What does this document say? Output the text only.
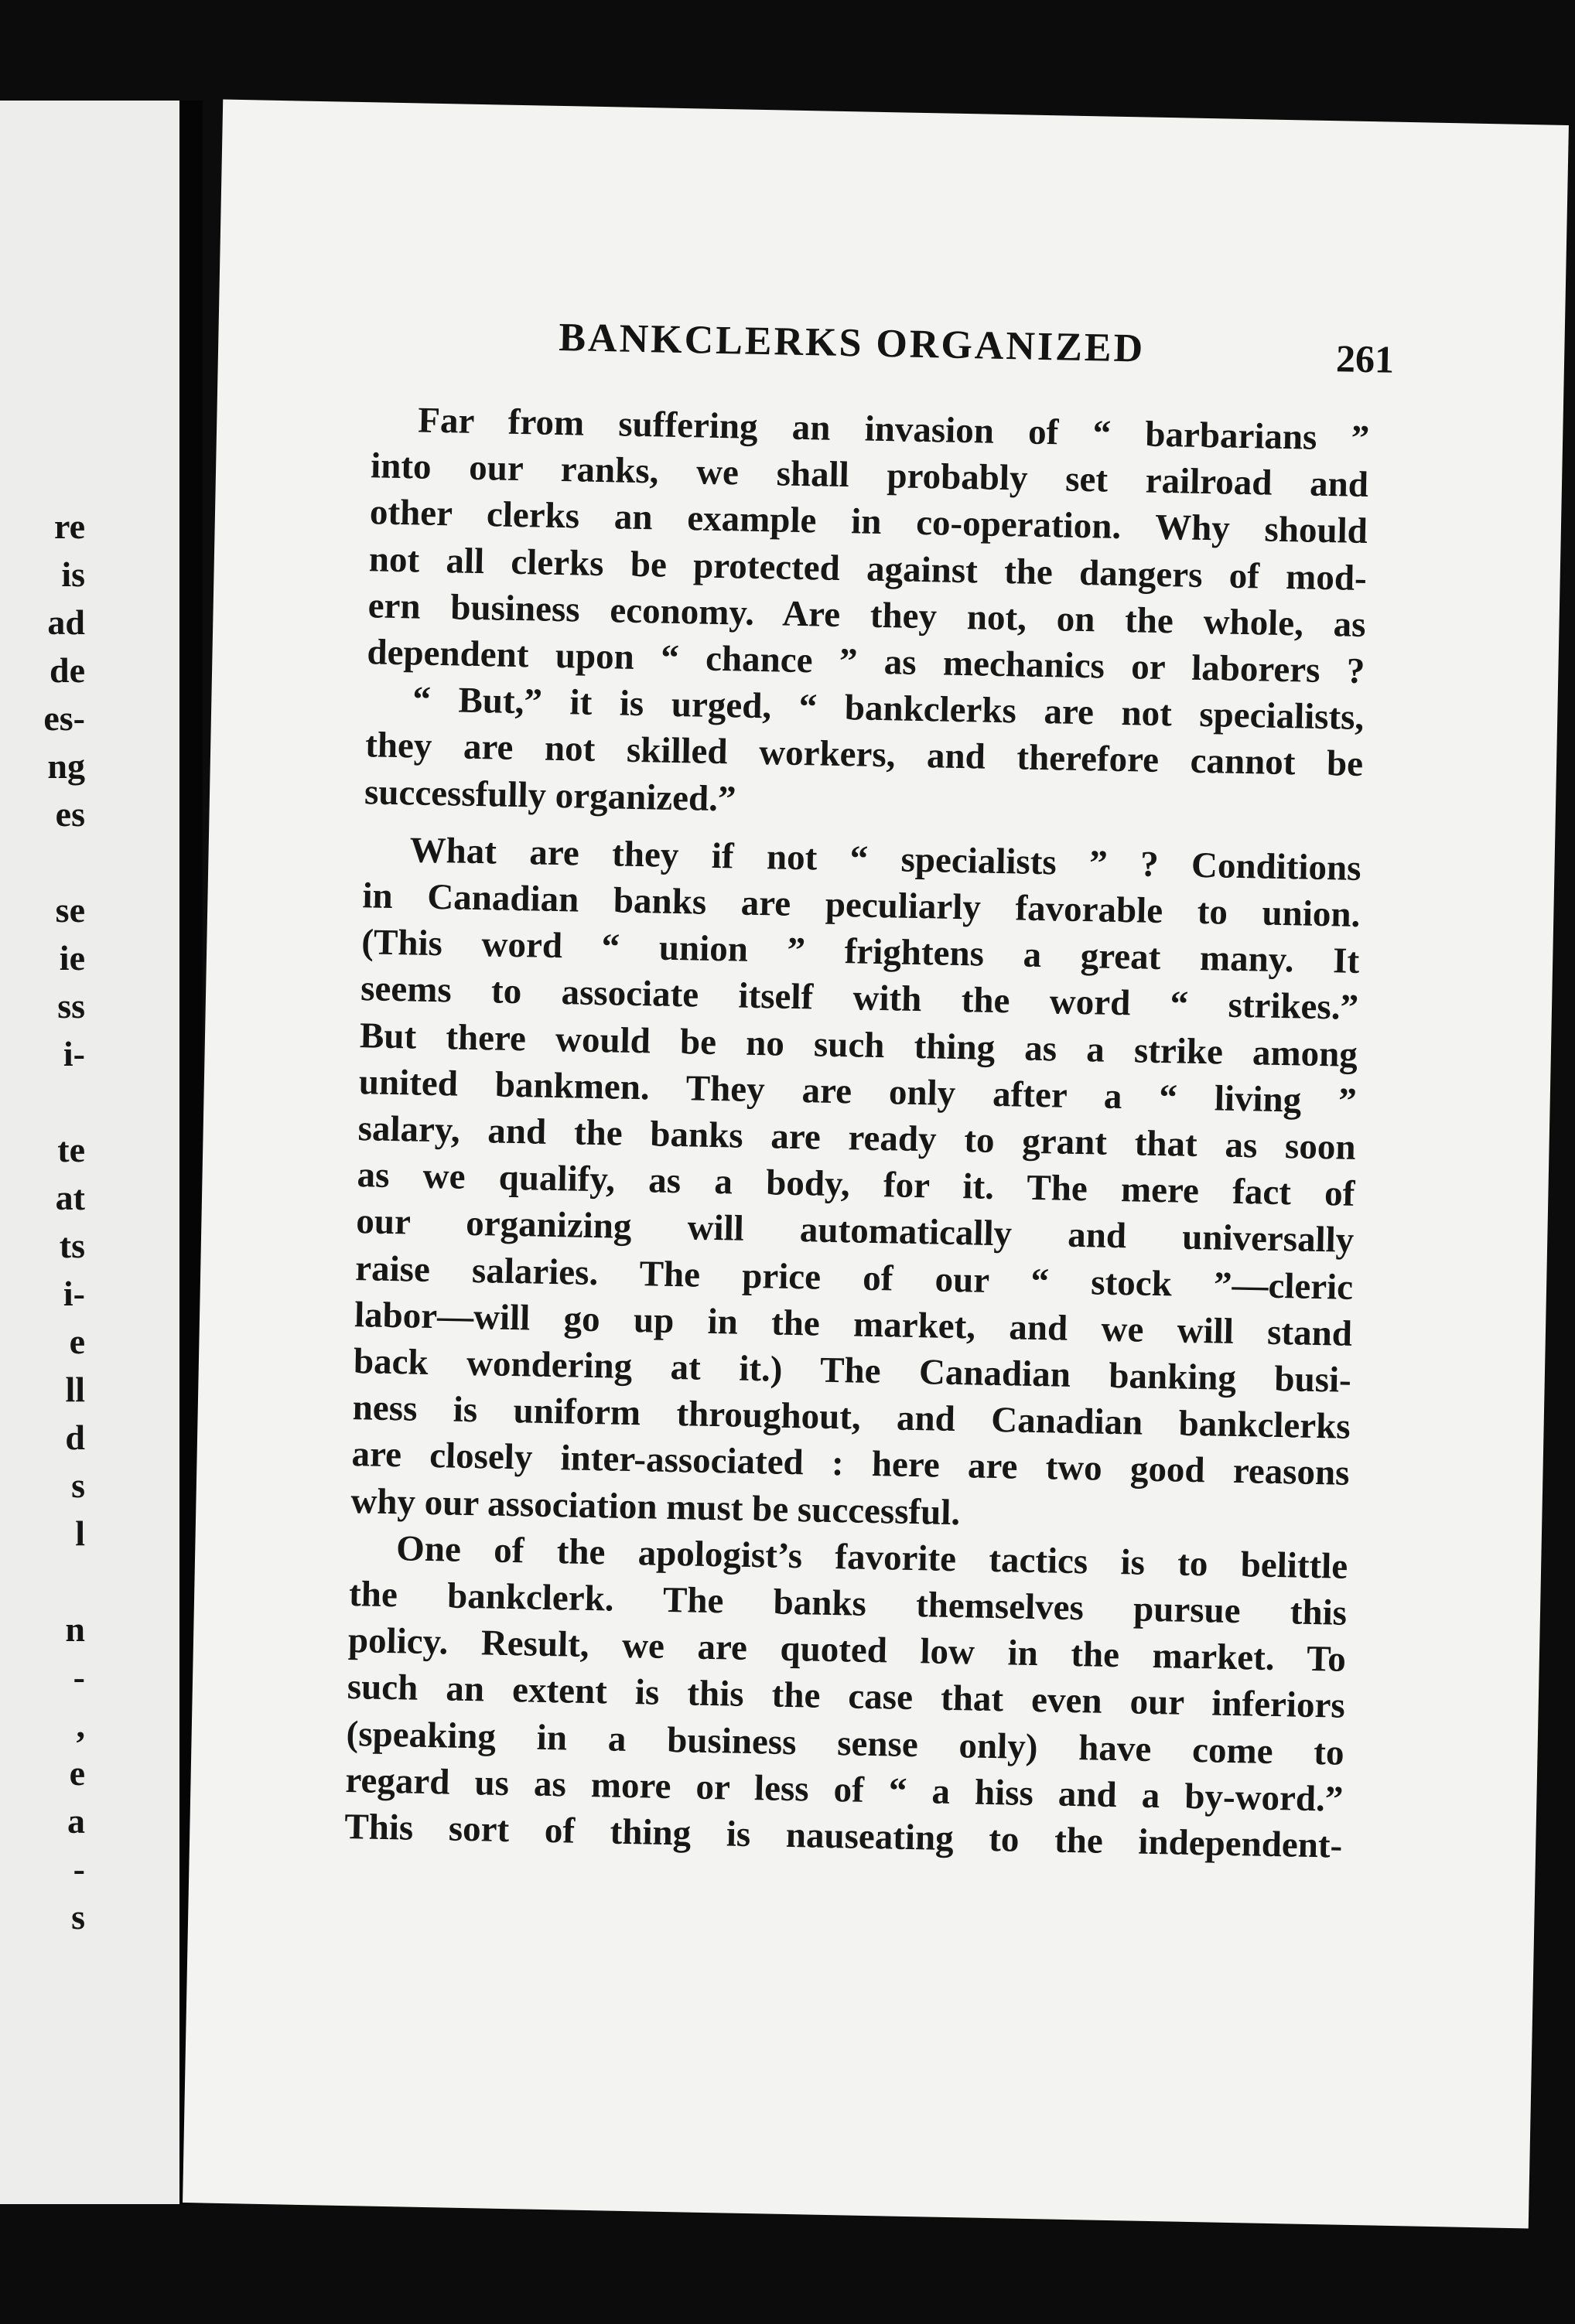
re
is
ad
de
es-
ng
es

se
ie
ss
i-

te
at
ts
i-
e
ll
d
s
l

n
-
,
e
a
-
s
BANKCLERKS ORGANIZED	261
Far from suffering an invasion of “ barbarians ”
into our ranks, we shall probably set railroad and
other clerks an example in co-operation. Why should
not all clerks be protected against the dangers of mod-
ern business economy. Are they not, on the whole, as
dependent upon “ chance ” as mechanics or laborers ?
“ But,” it is urged, “ bankclerks are not specialists,
they are not skilled workers, and therefore cannot be
successfully organized.”
What are they if not “ specialists ” ? Conditions
in Canadian banks are peculiarly favorable to union.
(This word “ union ” frightens a great many. It
seems to associate itself with the word “ strikes.”
But there would be no such thing as a strike among
united bankmen. They are only after a “ living ”
salary, and the banks are ready to grant that as soon
as we qualify, as a body, for it. The mere fact of
our organizing will automatically and universally
raise salaries. The price of our “ stock ”—cleric
labor—will go up in the market, and we will stand
back wondering at it.) The Canadian banking busi-
ness is uniform throughout, and Canadian bankclerks
are closely inter-associated : here are two good reasons
why our association must be successful.
One of the apologist’s favorite tactics is to belittle
the bankclerk. The banks themselves pursue this
policy. Result, we are quoted low in the market. To
such an extent is this the case that even our inferiors
(speaking in a business sense only) have come to
regard us as more or less of “ a hiss and a by-word.”
This sort of thing is nauseating to the independent-
